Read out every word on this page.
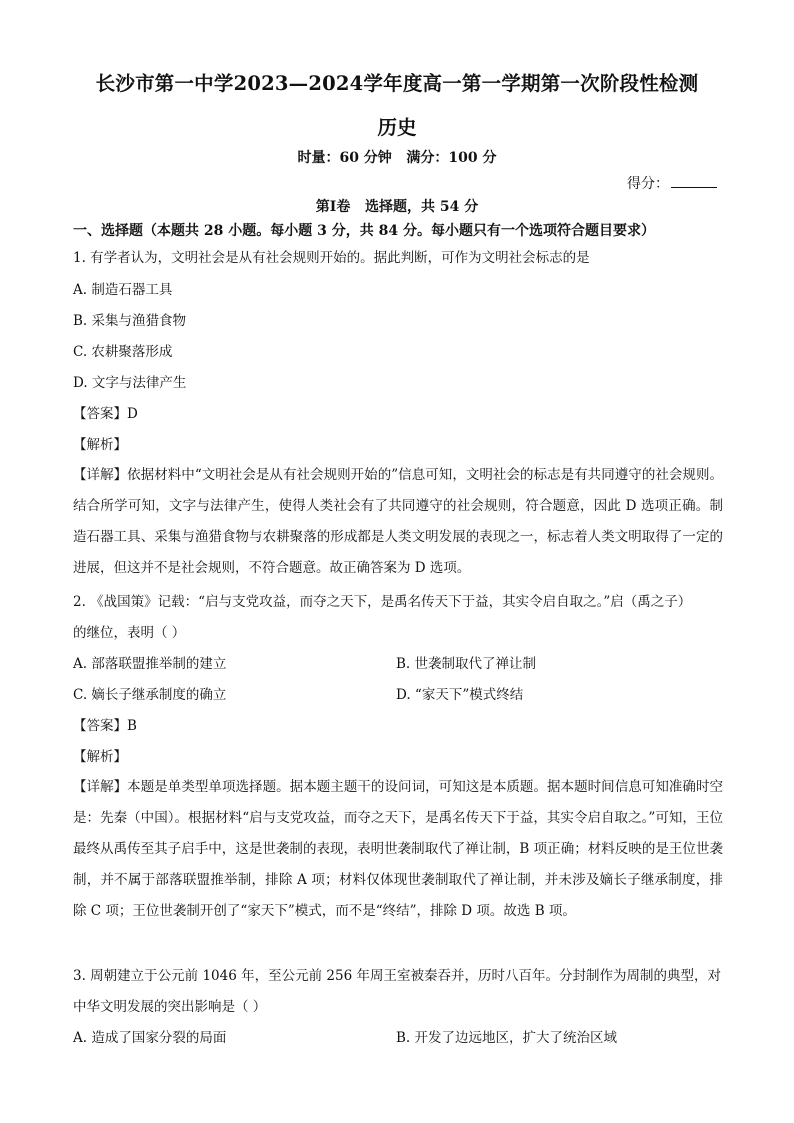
长沙市第一中学2023—2024学年度高一第一学期第一次阶段性检测
历史
时量：60 分钟   满分：100 分
得分：
第Ⅰ卷   选择题，共 54 分
一、选择题（本题共 28 小题。每小题 3 分，共 84 分。每小题只有一个选项符合题目要求）
1. 有学者认为，文明社会是从有社会规则开始的。据此判断，可作为文明社会标志的是
A. 制造石器工具
B. 采集与渔猎食物
C. 农耕聚落形成
D. 文字与法律产生
【答案】D
【解析】
【详解】依据材料中“文明社会是从有社会规则开始的”信息可知，文明社会的标志是有共同遵守的社会规则。结合所学可知，文字与法律产生，使得人类社会有了共同遵守的社会规则，符合题意，因此 D 选项正确。制造石器工具、采集与渔猎食物与农耕聚落的形成都是人类文明发展的表现之一，标志着人类文明取得了一定的进展，但这并不是社会规则，不符合题意。故正确答案为 D 选项。
2. 《战国策》记载：“启与支党攻益，而夺之天下，是禹名传天下于益，其实令启自取之。”启（禹之子）
的继位，表明（ ）
A. 部落联盟推举制的建立	B. 世袭制取代了禅让制
C. 嫡长子继承制度的确立	D. “家天下”模式终结
【答案】B
【解析】
【详解】本题是单类型单项选择题。据本题主题干的设问词，可知这是本质题。据本题时间信息可知准确时空是：先秦（中国）。根据材料“启与支党攻益，而夺之天下，是禹名传天下于益，其实令启自取之。”可知，王位最终从禹传至其子启手中，这是世袭制的表现，表明世袭制取代了禅让制，B 项正确；材料反映的是王位世袭制，并不属于部落联盟推举制，排除 A 项；材料仅体现世袭制取代了禅让制，并未涉及嫡长子继承制度，排除 C 项；王位世袭制开创了“家天下”模式，而不是“终结”，排除 D 项。故选 B 项。
3. 周朝建立于公元前 1046 年，至公元前 256 年周王室被秦吞并，历时八百年。分封制作为周制的典型，对
中华文明发展的突出影响是（ ）
A. 造成了国家分裂的局面	B. 开发了边远地区，扩大了统治区域
